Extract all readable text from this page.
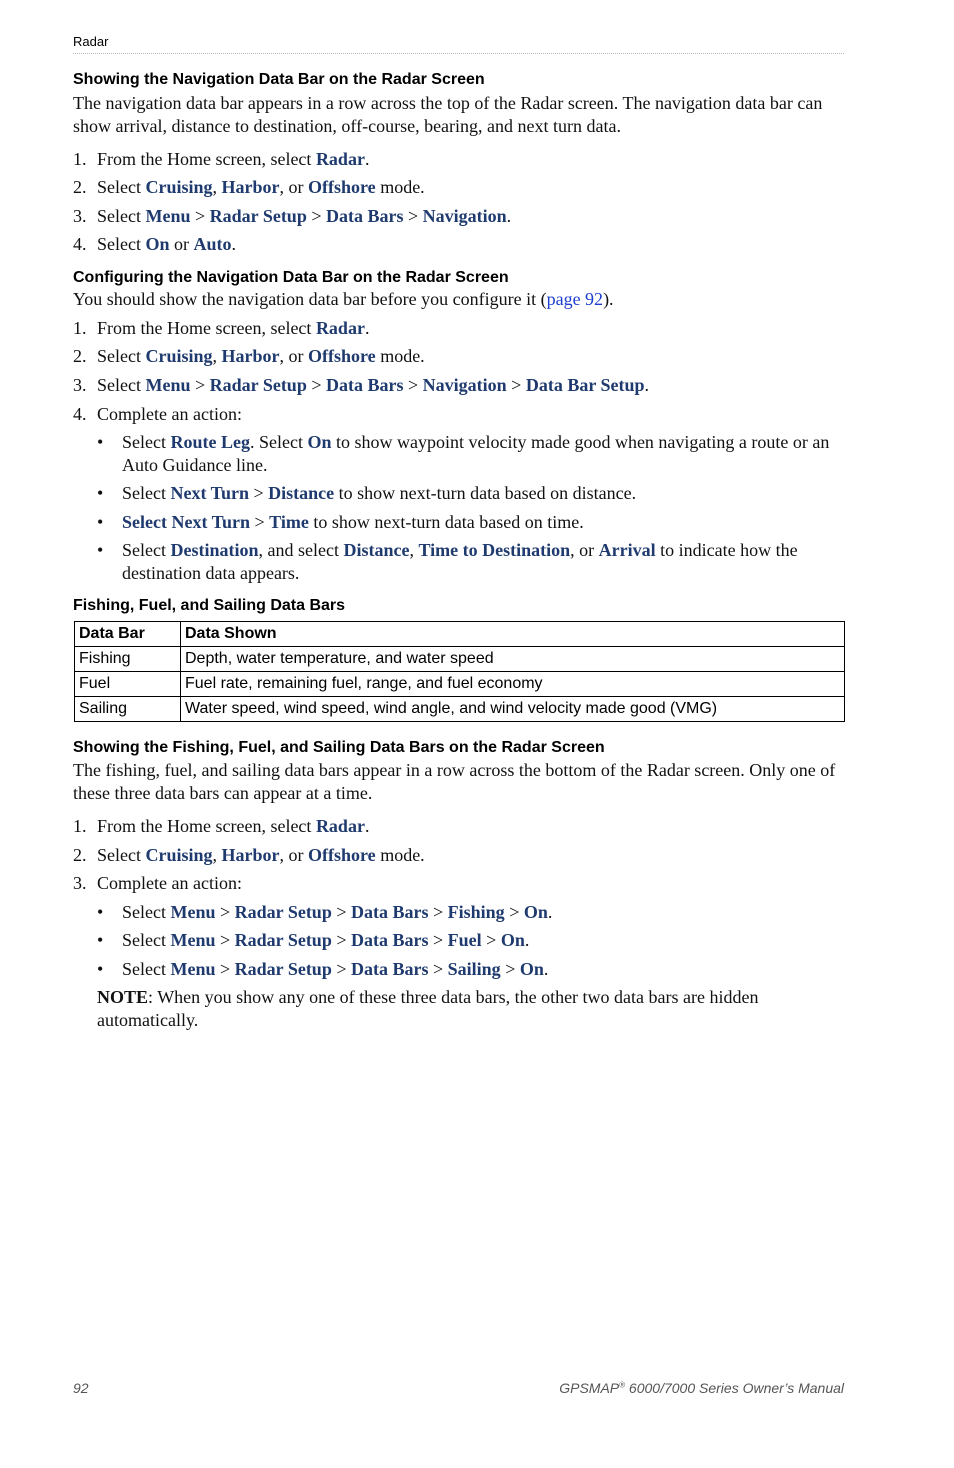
Radar
Showing the Navigation Data Bar on the Radar Screen
The navigation data bar appears in a row across the top of the Radar screen. The navigation data bar can show arrival, distance to destination, off-course, bearing, and next turn data.
1. From the Home screen, select Radar.
2. Select Cruising, Harbor, or Offshore mode.
3. Select Menu > Radar Setup > Data Bars > Navigation.
4. Select On or Auto.
Configuring the Navigation Data Bar on the Radar Screen
You should show the navigation data bar before you configure it (page 92).
1. From the Home screen, select Radar.
2. Select Cruising, Harbor, or Offshore mode.
3. Select Menu > Radar Setup > Data Bars > Navigation > Data Bar Setup.
4. Complete an action:
• Select Route Leg. Select On to show waypoint velocity made good when navigating a route or an Auto Guidance line.
• Select Next Turn > Distance to show next-turn data based on distance.
• Select Next Turn > Time to show next-turn data based on time.
• Select Destination, and select Distance, Time to Destination, or Arrival to indicate how the destination data appears.
Fishing, Fuel, and Sailing Data Bars
Data Bar	Data Shown
Fishing	Depth, water temperature, and water speed
Fuel	Fuel rate, remaining fuel, range, and fuel economy
Sailing	Water speed, wind speed, wind angle, and wind velocity made good (VMG)
Showing the Fishing, Fuel, and Sailing Data Bars on the Radar Screen
The fishing, fuel, and sailing data bars appear in a row across the bottom of the Radar screen. Only one of these three data bars can appear at a time.
1. From the Home screen, select Radar.
2. Select Cruising, Harbor, or Offshore mode.
3. Complete an action:
• Select Menu > Radar Setup > Data Bars > Fishing > On.
• Select Menu > Radar Setup > Data Bars > Fuel > On.
• Select Menu > Radar Setup > Data Bars > Sailing > On.
NOTE: When you show any one of these three data bars, the other two data bars are hidden automatically.
92	GPSMAP® 6000/7000 Series Owner’s Manual
